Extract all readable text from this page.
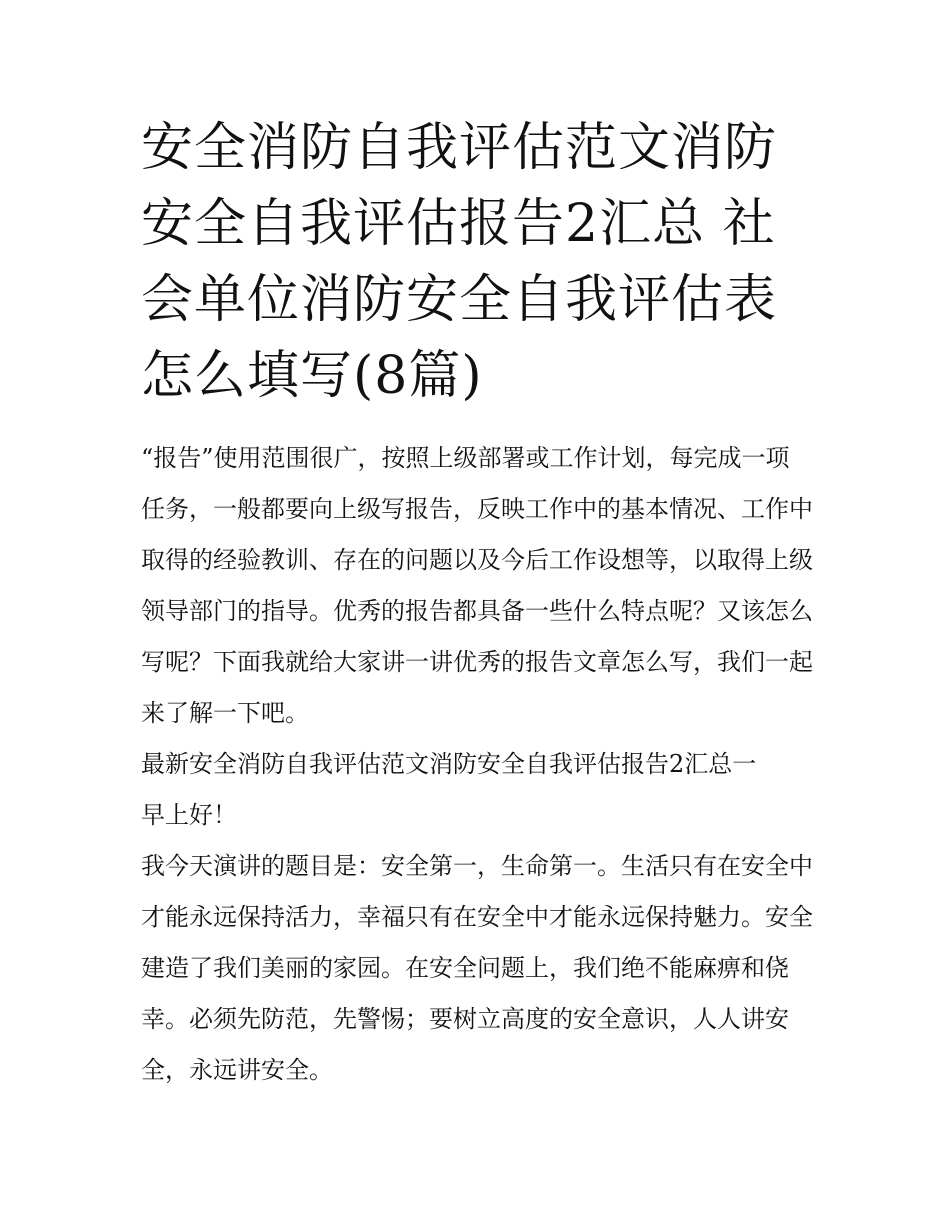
安全消防自我评估范文消防安全自我评估报告2汇总 社会单位消防安全自我评估表怎么填写(8篇)

“报告”使用范围很广，按照上级部署或工作计划，每完成一项任务，一般都要向上级写报告，反映工作中的基本情况、工作中取得的经验教训、存在的问题以及今后工作设想等，以取得上级领导部门的指导。优秀的报告都具备一些什么特点呢？又该怎么写呢？下面我就给大家讲一讲优秀的报告文章怎么写，我们一起来了解一下吧。

最新安全消防自我评估范文消防安全自我评估报告2汇总一

早上好！

我今天演讲的题目是：安全第一，生命第一。生活只有在安全中才能永远保持活力，幸福只有在安全中才能永远保持魅力。安全建造了我们美丽的家园。在安全问题上，我们绝不能麻痹和侥幸。必须先防范，先警惕；要树立高度的安全意识，人人讲安全，永远讲安全。
